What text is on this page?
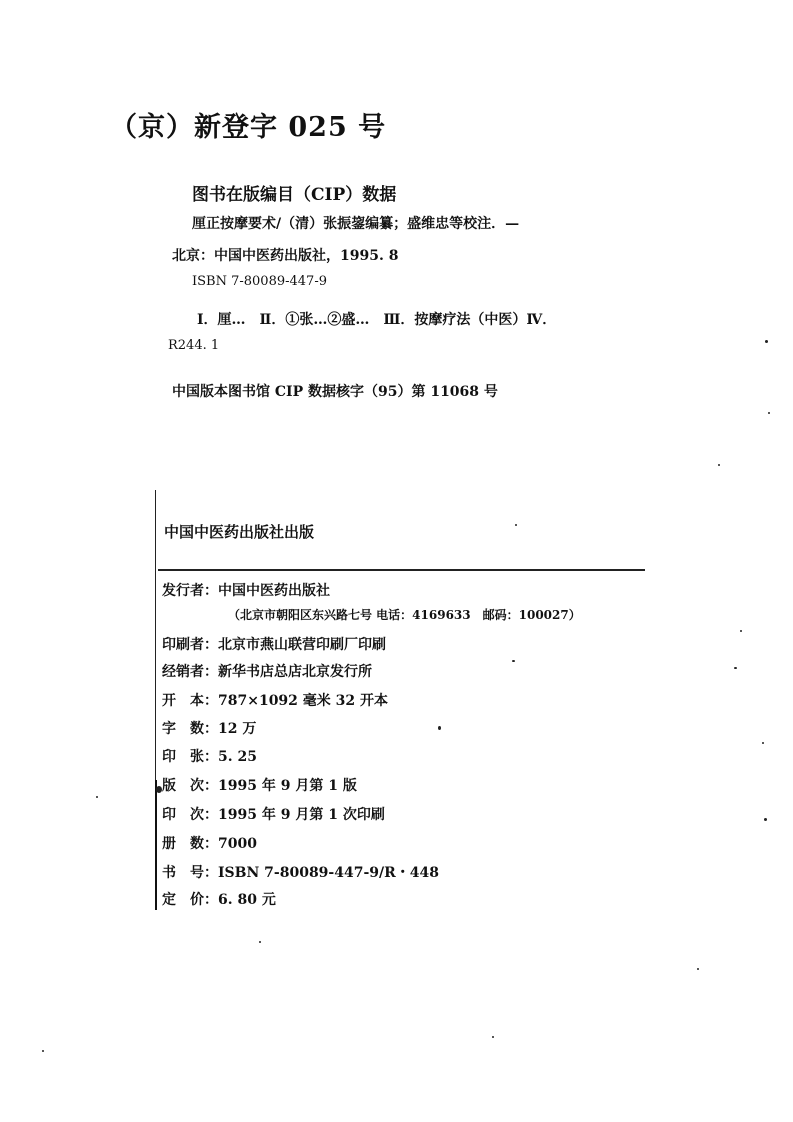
（京）新登字 025 号
图书在版编目（CIP）数据
厘正按摩要术/（清）张振鋆编纂；盛维忠等校注．—
北京：中国中医药出版社，1995. 8
ISBN 7-80089-447-9
Ⅰ．厘…　Ⅱ．①张…②盛…　Ⅲ．按摩疗法（中医）Ⅳ．
R244. 1
中国版本图书馆 CIP 数据核字（95）第 11068 号
中国中医药出版社出版
发行者：中国中医药出版社
（北京市朝阳区东兴路七号 电话：4169633　邮码：100027）
印刷者：北京市燕山联营印刷厂印刷
经销者：新华书店总店北京发行所
开　本：787×1092 毫米 32 开本
字　数：12 万
印　张：5. 25
版　次：1995 年 9 月第 1 版
印　次：1995 年 9 月第 1 次印刷
册　数：7000
书　号：ISBN 7-80089-447-9/R・448
定　价：6. 80 元
